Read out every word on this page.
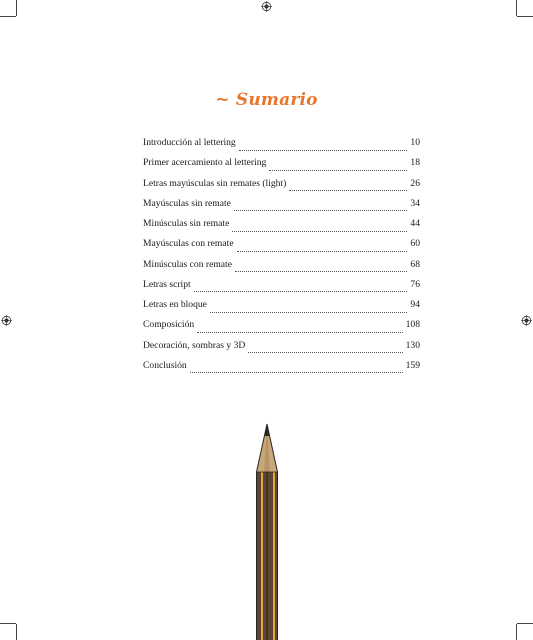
~ Sumario
Introducción al lettering	10
Primer acercamiento al lettering	18
Letras mayúsculas sin remates (light)	26
Mayúsculas sin remate	34
Minúsculas sin remate	44
Mayúsculas con remate	60
Minúsculas con remate	68
Letras script	76
Letras en bloque	94
Composición	108
Decoración, sombras y 3D	130
Conclusión	159
